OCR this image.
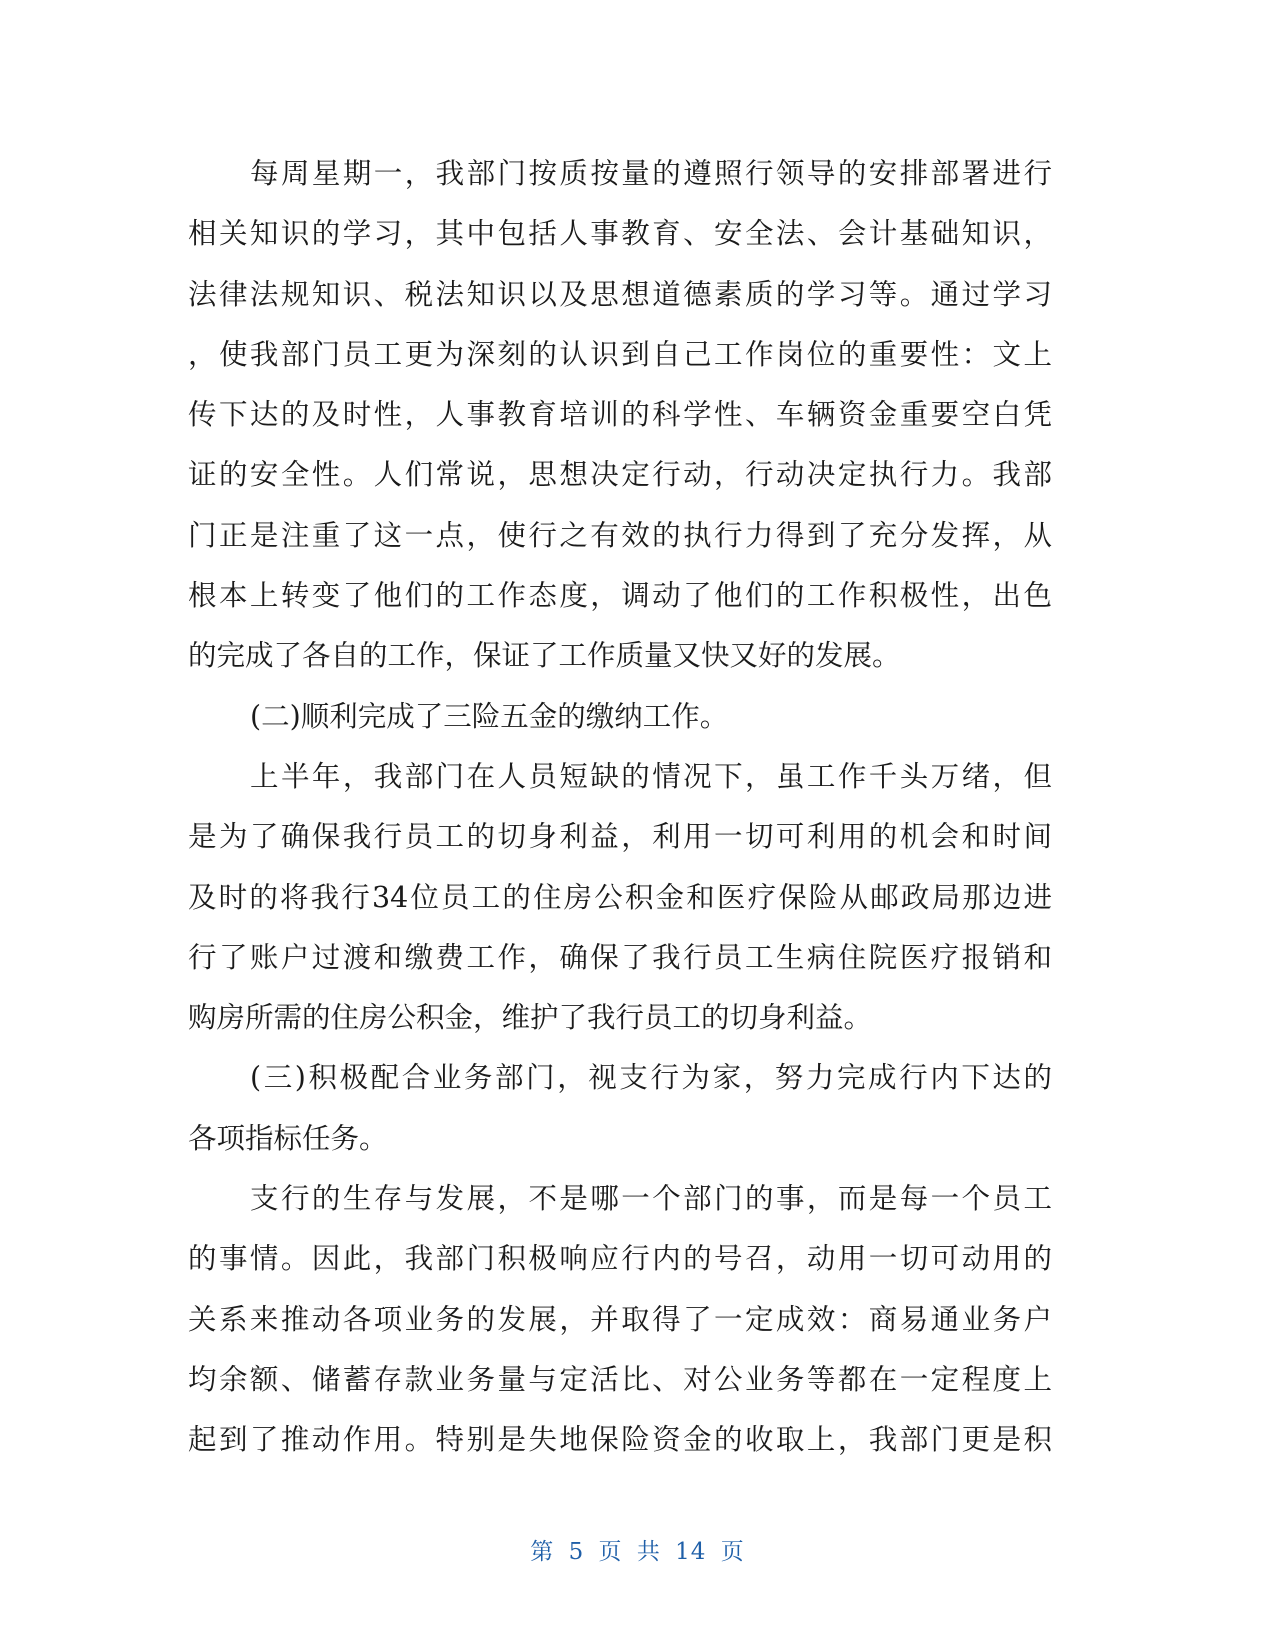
每周星期一，我部门按质按量的遵照行领导的安排部署进行
相关知识的学习，其中包括人事教育、安全法、会计基础知识，
法律法规知识、税法知识以及思想道德素质的学习等。通过学习
，使我部门员工更为深刻的认识到自己工作岗位的重要性：文上
传下达的及时性，人事教育培训的科学性、车辆资金重要空白凭
证的安全性。人们常说，思想决定行动，行动决定执行力。我部
门正是注重了这一点，使行之有效的执行力得到了充分发挥，从
根本上转变了他们的工作态度，调动了他们的工作积极性，出色
的完成了各自的工作，保证了工作质量又快又好的发展。
(二)顺利完成了三险五金的缴纳工作。
上半年，我部门在人员短缺的情况下，虽工作千头万绪，但
是为了确保我行员工的切身利益，利用一切可利用的机会和时间
及时的将我行34位员工的住房公积金和医疗保险从邮政局那边进
行了账户过渡和缴费工作，确保了我行员工生病住院医疗报销和
购房所需的住房公积金，维护了我行员工的切身利益。
(三)积极配合业务部门，视支行为家，努力完成行内下达的
各项指标任务。
支行的生存与发展，不是哪一个部门的事，而是每一个员工
的事情。因此，我部门积极响应行内的号召，动用一切可动用的
关系来推动各项业务的发展，并取得了一定成效：商易通业务户
均余额、储蓄存款业务量与定活比、对公业务等都在一定程度上
起到了推动作用。特别是失地保险资金的收取上，我部门更是积
第 5 页 共 14 页
